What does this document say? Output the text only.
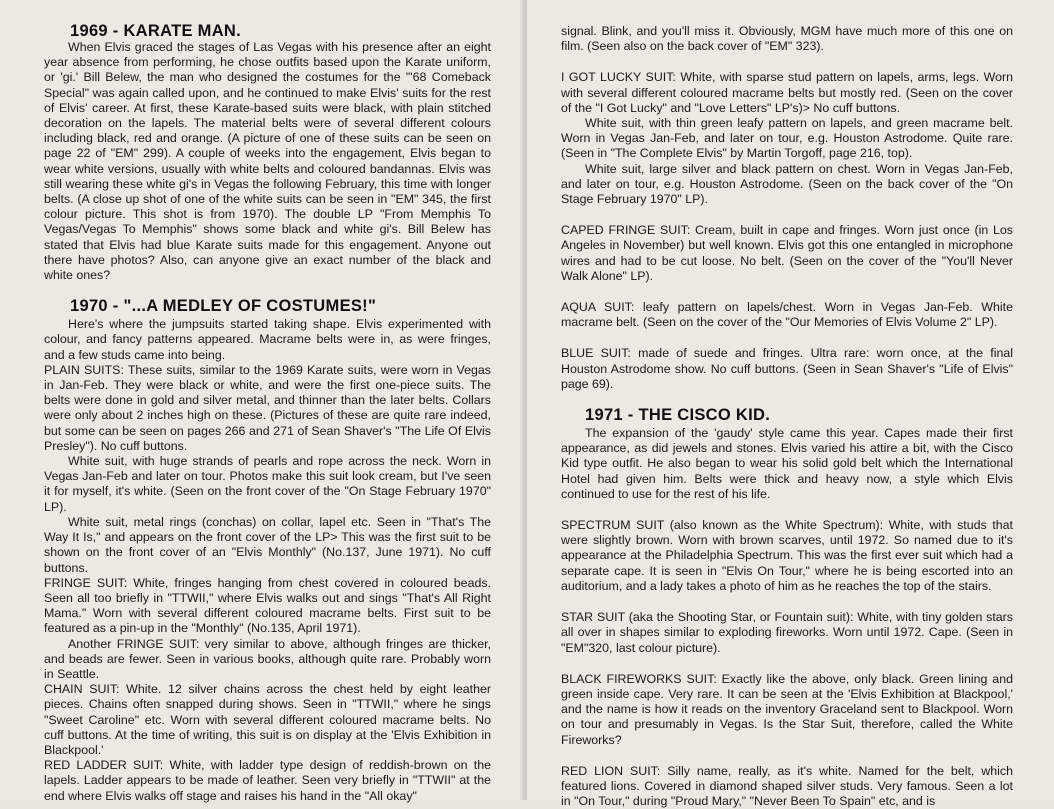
1969 - KARATE MAN.

When Elvis graced the stages of Las Vegas with his presence after an eight year absence from performing, he chose outfits based upon the Karate uniform, or 'gi.' Bill Belew, the man who designed the costumes for the "'68 Comeback Special" was again called upon, and he continued to make Elvis' suits for the rest of Elvis' career. At first, these Karate-based suits were black, with plain stitched decoration on the lapels. The material belts were of several different colours including black, red and orange. (A picture of one of these suits can be seen on page 22 of "EM" 299). A couple of weeks into the engagement, Elvis began to wear white versions, usually with white belts and coloured bandannas. Elvis was still wearing these white gi's in Vegas the following February, this time with longer belts. (A close up shot of one of the white suits can be seen in "EM" 345, the first colour picture. This shot is from 1970). The double LP "From Memphis To Vegas/Vegas To Memphis" shows some black and white gi's. Bill Belew has stated that Elvis had blue Karate suits made for this engagement. Anyone out there have photos? Also, can anyone give an exact number of the black and white ones?

1970 - "...A MEDLEY OF COSTUMES!"

Here's where the jumpsuits started taking shape. Elvis experimented with colour, and fancy patterns appeared. Macrame belts were in, as were fringes, and a few studs came into being.

PLAIN SUITS: These suits, similar to the 1969 Karate suits, were worn in Vegas in Jan-Feb. They were black or white, and were the first one-piece suits. The belts were done in gold and silver metal, and thinner than the later belts. Collars were only about 2 inches high on these. (Pictures of these are quite rare indeed, but some can be seen on pages 266 and 271 of Sean Shaver's "The Life Of Elvis Presley"). No cuff buttons.

White suit, with huge strands of pearls and rope across the neck. Worn in Vegas Jan-Feb and later on tour. Photos make this suit look cream, but I've seen it for myself, it's white. (Seen on the front cover of the "On Stage February 1970" LP).

White suit, metal rings (conchas) on collar, lapel etc. Seen in "That's The Way It Is," and appears on the front cover of the LP> This was the first suit to be shown on the front cover of an "Elvis Monthly" (No.137, June 1971). No cuff buttons.

FRINGE SUIT: White, fringes hanging from chest covered in coloured beads. Seen all too briefly in "TTWII," where Elvis walks out and sings "That's All Right Mama." Worn with several different coloured macrame belts. First suit to be featured as a pin-up in the "Monthly" (No.135, April 1971).

Another FRINGE SUIT: very similar to above, although fringes are thicker, and beads are fewer. Seen in various books, although quite rare. Probably worn in Seattle.

CHAIN SUIT: White. 12 silver chains across the chest held by eight leather pieces. Chains often snapped during shows. Seen in "TTWII," where he sings "Sweet Caroline" etc. Worn with several different coloured macrame belts. No cuff buttons. At the time of writing, this suit is on display at the 'Elvis Exhibition in Blackpool.'

RED LADDER SUIT: White, with ladder type design of reddish-brown on the lapels. Ladder appears to be made of leather. Seen very briefly in "TTWII" at the end where Elvis walks off stage and raises his hand in the "All okay"

signal. Blink, and you'll miss it. Obviously, MGM have much more of this one on film. (Seen also on the back cover of "EM" 323).

I GOT LUCKY SUIT: White, with sparse stud pattern on lapels, arms, legs. Worn with several different coloured macrame belts but mostly red. (Seen on the cover of the "I Got Lucky" and "Love Letters" LP's)> No cuff buttons.

White suit, with thin green leafy pattern on lapels, and green macrame belt. Worn in Vegas Jan-Feb, and later on tour, e.g. Houston Astrodome. Quite rare. (Seen in "The Complete Elvis" by Martin Torgoff, page 216, top).

White suit, large silver and black pattern on chest. Worn in Vegas Jan-Feb, and later on tour, e.g. Houston Astrodome. (Seen on the back cover of the "On Stage February 1970" LP).

CAPED FRINGE SUIT: Cream, built in cape and fringes. Worn just once (in Los Angeles in November) but well known. Elvis got this one entangled in microphone wires and had to be cut loose. No belt. (Seen on the cover of the "You'll Never Walk Alone" LP).

AQUA SUIT: leafy pattern on lapels/chest. Worn in Vegas Jan-Feb. White macrame belt. (Seen on the cover of the "Our Memories of Elvis Volume 2" LP).

BLUE SUIT: made of suede and fringes. Ultra rare: worn once, at the final Houston Astrodome show. No cuff buttons. (Seen in Sean Shaver's "Life of Elvis" page 69).

1971 - THE CISCO KID.

The expansion of the 'gaudy' style came this year. Capes made their first appearance, as did jewels and stones. Elvis varied his attire a bit, with the Cisco Kid type outfit. He also began to wear his solid gold belt which the International Hotel had given him. Belts were thick and heavy now, a style which Elvis continued to use for the rest of his life.

SPECTRUM SUIT (also known as the White Spectrum): White, with studs that were slightly brown. Worn with brown scarves, until 1972. So named due to it's appearance at the Philadelphia Spectrum. This was the first ever suit which had a separate cape. It is seen in "Elvis On Tour," where he is being escorted into an auditorium, and a lady takes a photo of him as he reaches the top of the stairs.

STAR SUIT (aka the Shooting Star, or Fountain suit): White, with tiny golden stars all over in shapes similar to exploding fireworks. Worn until 1972. Cape. (Seen in "EM"320, last colour picture).

BLACK FIREWORKS SUIT: Exactly like the above, only black. Green lining and green inside cape. Very rare. It can be seen at the 'Elvis Exhibition at Blackpool,' and the name is how it reads on the inventory Graceland sent to Blackpool. Worn on tour and presumably in Vegas. Is the Star Suit, therefore, called the White Fireworks?

RED LION SUIT: Silly name, really, as it's white. Named for the belt, which featured lions. Covered in diamond shaped silver studs. Very famous. Seen a lot in "On Tour," during "Proud Mary," "Never Been To Spain" etc, and is
